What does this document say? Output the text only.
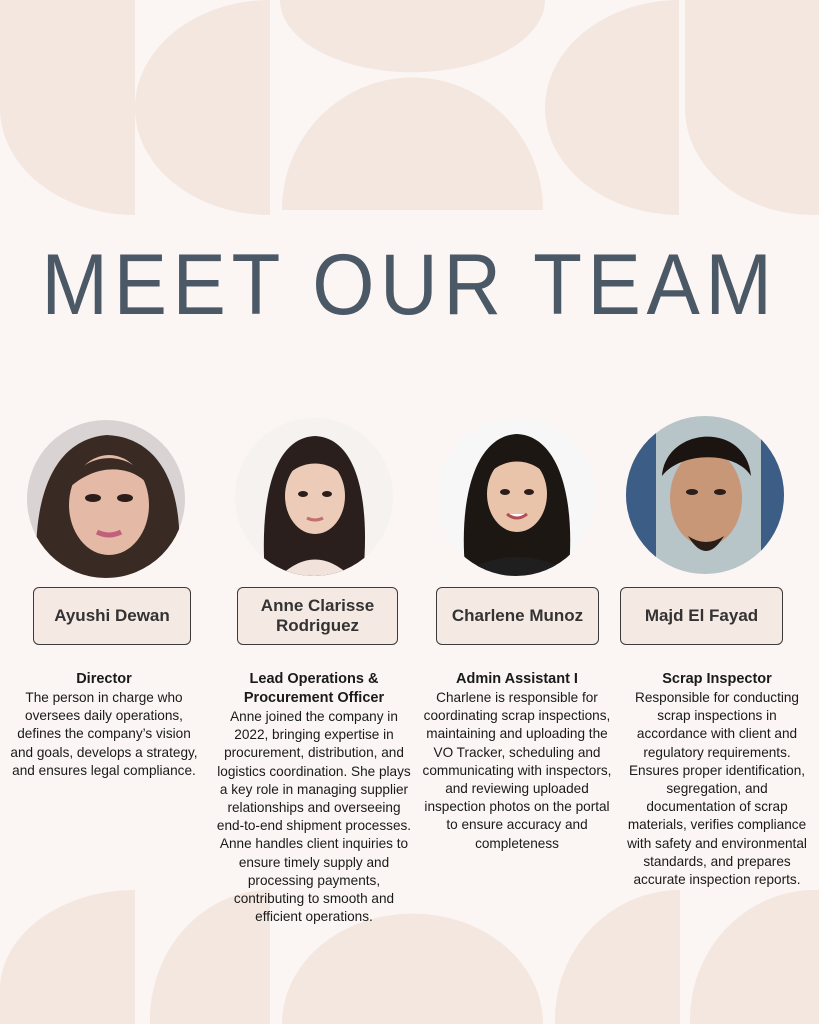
MEET OUR TEAM
Ayushi Dewan
Anne Clarisse Rodriguez
Charlene Munoz	Majd El Fayad
Director
The person in charge who oversees daily operations, defines the company’s vision and goals, develops a strategy, and ensures legal compliance.
Lead Operations & Procurement Officer
Anne joined the company in 2022, bringing expertise in procurement, distribution, and logistics coordination. She plays a key role in managing supplier relationships and overseeing end-to-end shipment processes. Anne handles client inquiries to ensure timely supply and processing payments, contributing to smooth and efficient operations.
Admin Assistant I
Charlene is responsible for coordinating scrap inspections, maintaining and uploading the VO Tracker, scheduling and communicating with inspectors, and reviewing uploaded inspection photos on the portal to ensure accuracy and completeness
Scrap Inspector
Responsible for conducting scrap inspections in accordance with client and regulatory requirements. Ensures proper identification, segregation, and documentation of scrap materials, verifies compliance with safety and environmental standards, and prepares accurate inspection reports.
